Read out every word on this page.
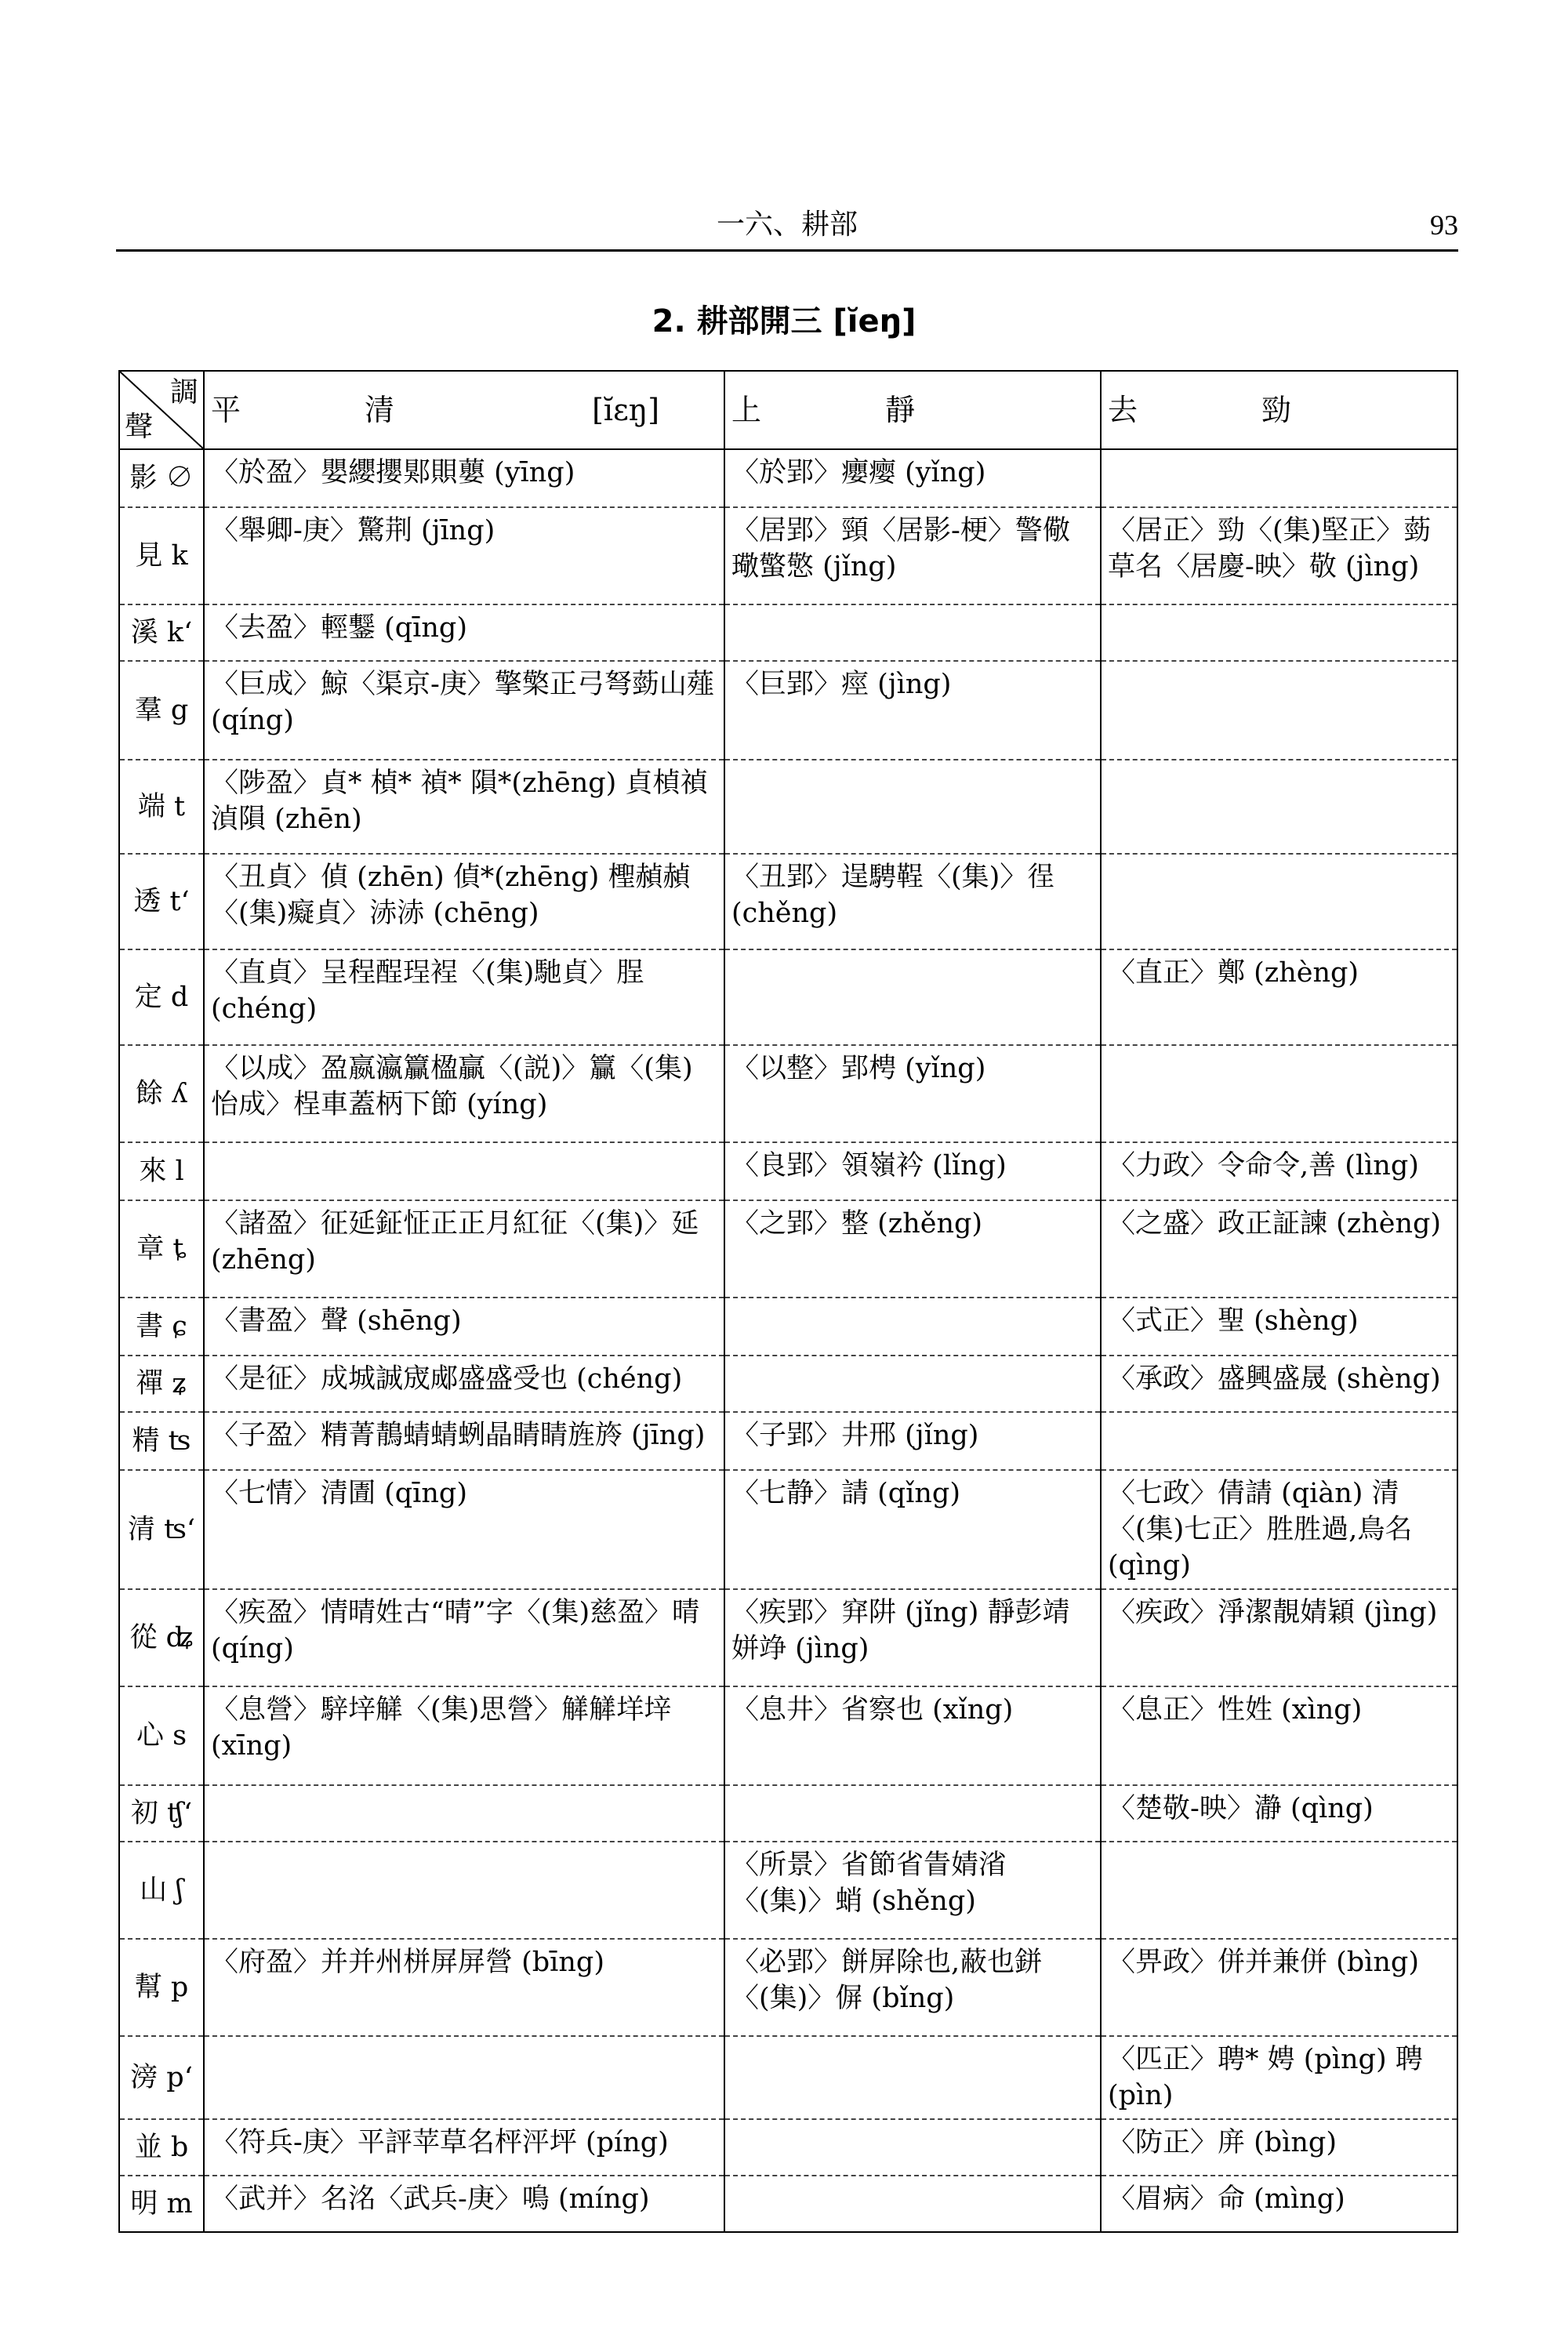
一六、耕部	93
2. 耕部開三 [ĭeŋ]
調
聲	平　清 [ĭɛŋ]	上　靜	去　勁
影 ∅	〈於盈〉嬰纓攖郹賏蘡 (yīng)	〈於郢〉癭瘿 (yǐng)	
見 k	〈舉卿-庚〉驚荆 (jīng)	〈居郢〉頸〈居影-梗〉警儆璥蟼憼 (jǐng)	〈居正〉勁〈(集)堅正〉葝草名〈居慶-映〉敬 (jìng)
溪 kʻ	〈去盈〉輕鑋 (qīng)		
羣 g	〈巨成〉鯨〈渠京-庚〉擎檠正弓弩葝山薤 (qíng)	〈巨郢〉痙 (jìng)	
端 t	〈陟盈〉貞* 楨* 禎* 隕*(zhēng) 貞楨禎湞隕 (zhēn)		
透 tʻ	〈丑貞〉偵 (zhēn) 偵*(zhēng) 檉赬赬〈(集)癡貞〉浾浾 (chēng)	〈丑郢〉逞騁鞓〈(集)〉徎 (chěng)	
定 d	〈直貞〉呈程酲珵裎〈(集)馳貞〉脭 (chéng)		〈直正〉鄭 (zhèng)
餘 ʎ	〈以成〉盈嬴瀛籯楹贏〈(説)〉籯〈(集)怡成〉桯車蓋柄下節 (yíng)	〈以整〉郢梬 (yǐng)	
來 l		〈良郢〉領嶺衿 (lǐng)	〈力政〉令命令,善 (lìng)
章 ȶ	〈諸盈〉征延鉦怔正正月紅征〈(集)〉延 (zhēng)	〈之郢〉整 (zhěng)	〈之盛〉政正証諫 (zhèng)
書 ɕ	〈書盈〉聲 (shēng)		〈式正〉聖 (shèng)
禪 ʑ	〈是征〉成城誠宬郕盛盛受也 (chéng)		〈承政〉盛興盛晟 (shèng)
精 ʦ	〈子盈〉精菁鶄蜻蜻蛚晶睛睛旌旍 (jīng)	〈子郢〉井邢 (jǐng)	
清 ʦʻ	〈七情〉清圊 (qīng)	〈七静〉請 (qǐng)	〈七政〉倩請 (qiàn) 清〈(集)七正〉胜胜過,鳥名 (qìng)
從 ʥ	〈疾盈〉情晴姓古“晴”字〈(集)慈盈〉晴 (qíng)	〈疾郢〉穽阱 (jǐng) 靜彭靖姘竫 (jìng)	〈疾政〉淨潔靚婧穎 (jìng)
心 s	〈息營〉騂垶觲〈(集)思營〉觲觲垟垶 (xīng)	〈息井〉省察也 (xǐng)	〈息正〉性姓 (xìng)
初 ʧʻ			〈楚敬-映〉瀞 (qìng)
山 ʃ		〈所景〉省節省眚婧渻〈(集)〉蛸 (shěng)	
幫 p	〈府盈〉并并州栟屏屏營 (bīng)	〈必郢〉餅屏除也,蔽也鉼〈(集)〉偋 (bǐng)	〈畀政〉併并兼併 (bìng)
滂 pʻ			〈匹正〉聘* 娉 (pìng) 聘 (pìn)
並 b	〈符兵-庚〉平評苹草名枰泙坪 (píng)		〈防正〉庰 (bìng)
明 m	〈武并〉名洺〈武兵-庚〉鳴 (míng)		〈眉病〉命 (mìng)
